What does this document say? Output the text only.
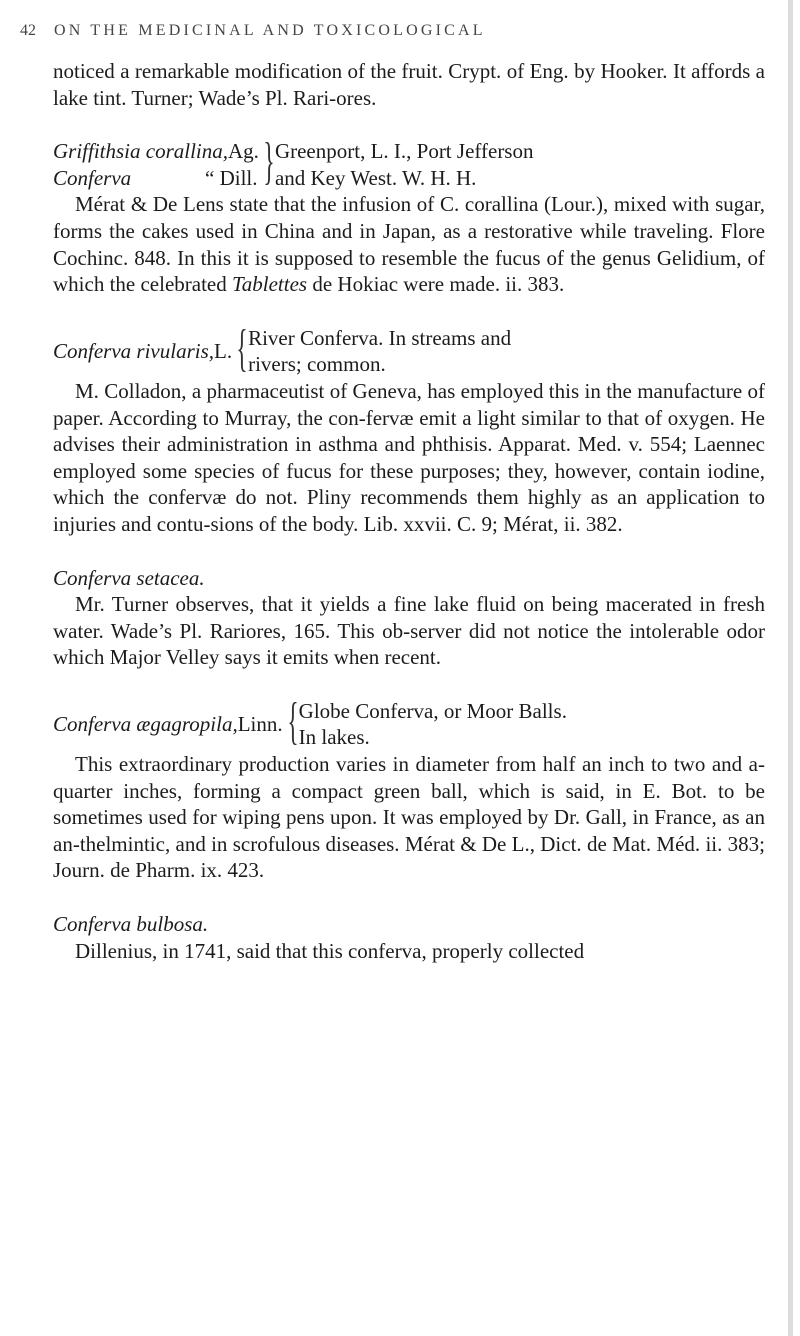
42 ON THE MEDICINAL AND TOXICOLOGICAL

noticed a remarkable modification of the fruit. Crypt. of Eng. by Hooker. It affords a lake tint. Turner; Wade’s Pl. Rari-ores.

Griffithsia corallina, Ag.
Conferva	“ Dill. } Greenport, L. I., Port Jefferson
and Key West. W. H. H.

Mérat & De Lens state that the infusion of C. corallina (Lour.), mixed with sugar, forms the cakes used in China and in Japan, as a restorative while traveling. Flore Cochinc. 848. In this it is supposed to resemble the fucus of the genus Gelidium, of which the celebrated Tablettes de Hokiac were made. ii. 383.

Conferva rivularis, L. { River Conferva. In streams and
rivers; common.

M. Colladon, a pharmaceutist of Geneva, has employed this in the manufacture of paper. According to Murray, the con-fervæ emit a light similar to that of oxygen. He advises their administration in asthma and phthisis. Apparat. Med. v. 554; Laennec employed some species of fucus for these purposes; they, however, contain iodine, which the confervæ do not. Pliny recommends them highly as an application to injuries and contu-sions of the body. Lib. xxvii. C. 9; Mérat, ii. 382.

Conferva setacea.

Mr. Turner observes, that it yields a fine lake fluid on being macerated in fresh water. Wade’s Pl. Rariores, 165. This ob-server did not notice the intolerable odor which Major Velley says it emits when recent.

Conferva ægagropila, Linn. { Globe Conferva, or Moor Balls.
In lakes.

This extraordinary production varies in diameter from half an inch to two and a-quarter inches, forming a compact green ball, which is said, in E. Bot. to be sometimes used for wiping pens upon. It was employed by Dr. Gall, in France, as an an-thelmintic, and in scrofulous diseases. Mérat & De L., Dict. de Mat. Méd. ii. 383; Journ. de Pharm. ix. 423.

Conferva bulbosa.

Dillenius, in 1741, said that this conferva, properly collected
